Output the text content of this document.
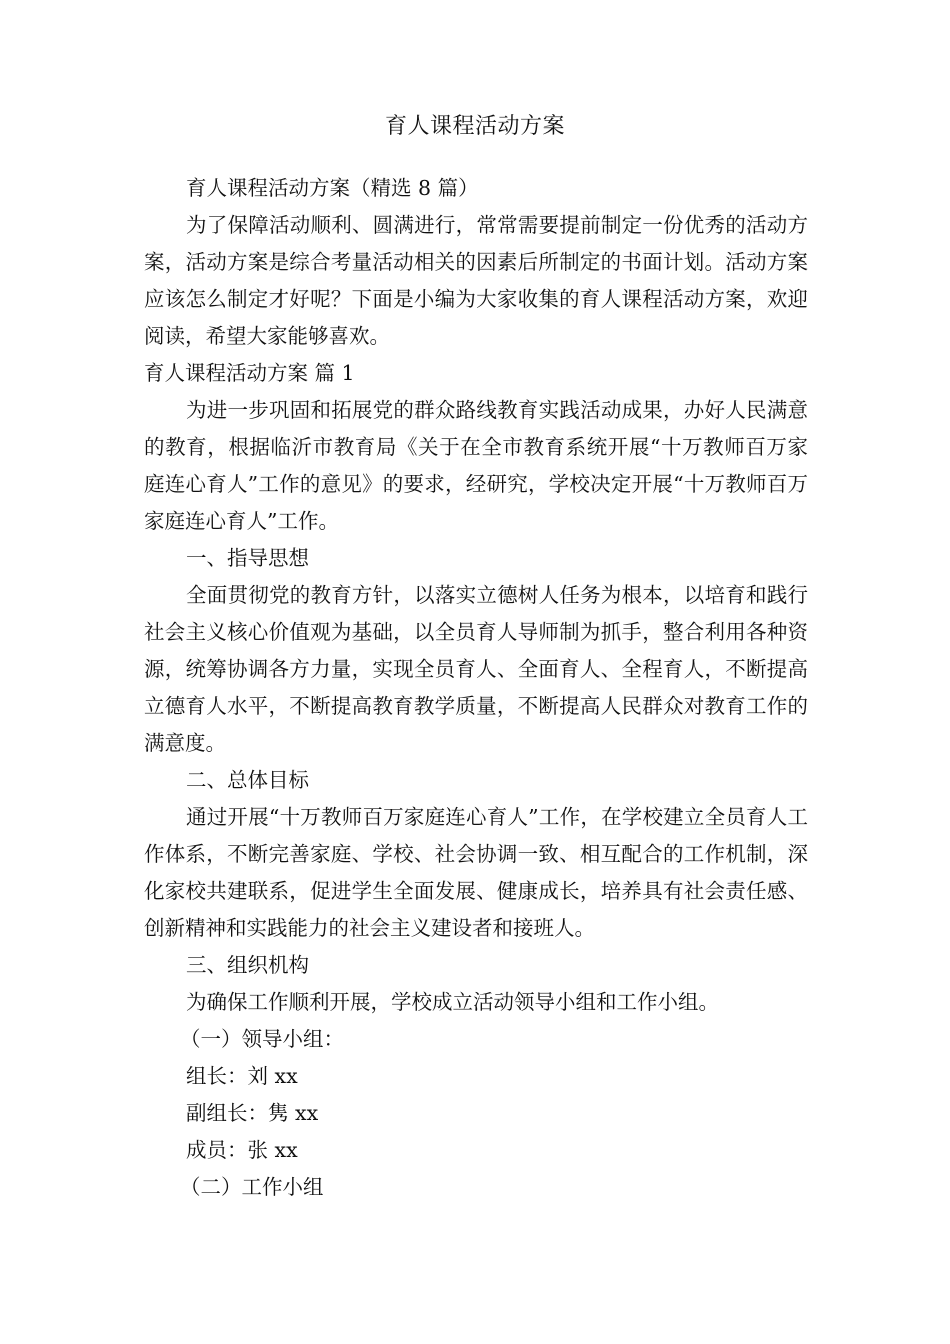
育人课程活动方案

育人课程活动方案（精选 8 篇）

为了保障活动顺利、圆满进行，常常需要提前制定一份优秀的活动方案，活动方案是综合考量活动相关的因素后所制定的书面计划。活动方案应该怎么制定才好呢？下面是小编为大家收集的育人课程活动方案，欢迎阅读，希望大家能够喜欢。

育人课程活动方案 篇 1

为进一步巩固和拓展党的群众路线教育实践活动成果，办好人民满意的教育，根据临沂市教育局《关于在全市教育系统开展“十万教师百万家庭连心育人”工作的意见》的要求，经研究，学校决定开展“十万教师百万家庭连心育人”工作。

一、指导思想

全面贯彻党的教育方针，以落实立德树人任务为根本，以培育和践行社会主义核心价值观为基础，以全员育人导师制为抓手，整合利用各种资源，统筹协调各方力量，实现全员育人、全面育人、全程育人，不断提高立德育人水平，不断提高教育教学质量，不断提高人民群众对教育工作的满意度。

二、总体目标

通过开展“十万教师百万家庭连心育人”工作，在学校建立全员育人工作体系，不断完善家庭、学校、社会协调一致、相互配合的工作机制，深化家校共建联系，促进学生全面发展、健康成长，培养具有社会责任感、创新精神和实践能力的社会主义建设者和接班人。

三、组织机构

为确保工作顺利开展，学校成立活动领导小组和工作小组。

（一）领导小组：

组长：刘 xx

副组长：隽 xx

成员：张 xx

（二）工作小组
